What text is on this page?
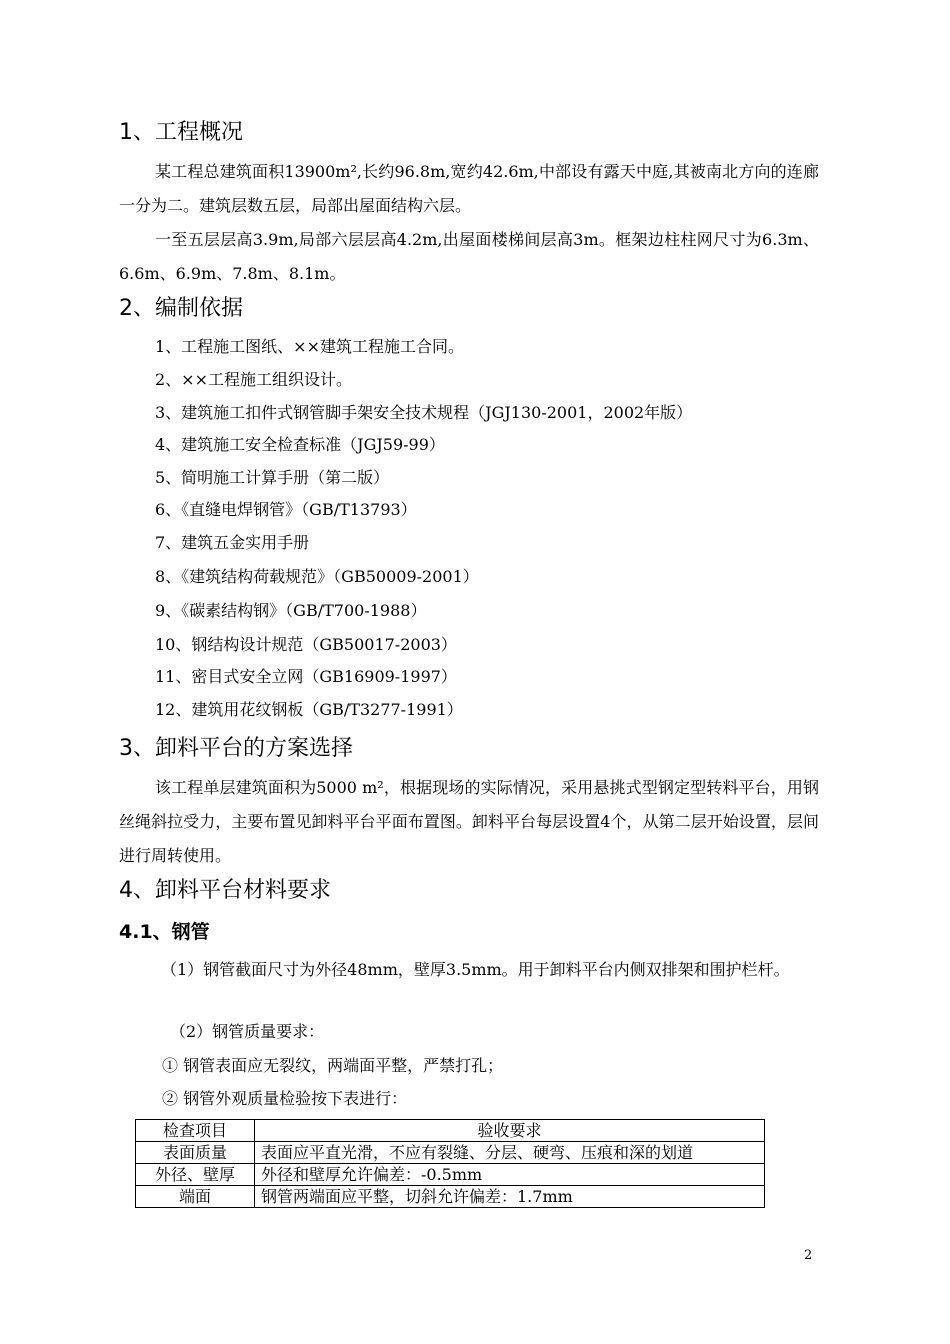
1、工程概况
某工程总建筑面积13900m²,长约96.8m,宽约42.6m,中部设有露天中庭,其被南北方向的连廊一分为二。建筑层数五层，局部出屋面结构六层。
一至五层层高3.9m,局部六层层高4.2m,出屋面楼梯间层高3m。框架边柱柱网尺寸为6.3m、6.6m、6.9m、7.8m、8.1m。
2、编制依据
1、工程施工图纸、××建筑工程施工合同。
2、××工程施工组织设计。
3、建筑施工扣件式钢管脚手架安全技术规程（JGJ130-2001，2002年版）
4、建筑施工安全检查标准（JGJ59-99）
5、简明施工计算手册（第二版）
6、《直缝电焊钢管》（GB/T13793）
7、建筑五金实用手册
8、《建筑结构荷载规范》（GB50009-2001）
9、《碳素结构钢》（GB/T700-1988）
10、钢结构设计规范（GB50017-2003）
11、密目式安全立网（GB16909-1997）
12、建筑用花纹钢板（GB/T3277-1991）
3、卸料平台的方案选择
该工程单层建筑面积为5000 m²，根据现场的实际情况，采用悬挑式型钢定型转料平台，用钢丝绳斜拉受力，主要布置见卸料平台平面布置图。卸料平台每层设置4个，从第二层开始设置，层间进行周转使用。
4、卸料平台材料要求
4.1、钢管
（1）钢管截面尺寸为外径48mm，壁厚3.5mm。用于卸料平台内侧双排架和围护栏杆。
（2）钢管质量要求：
① 钢管表面应无裂纹，两端面平整，严禁打孔；
② 钢管外观质量检验按下表进行：
检查项目	验收要求
表面质量	表面应平直光滑，不应有裂缝、分层、硬弯、压痕和深的划道
外径、壁厚	外径和壁厚允许偏差：-0.5mm
端面	钢管两端面应平整，切斜允许偏差：1.7mm
2
